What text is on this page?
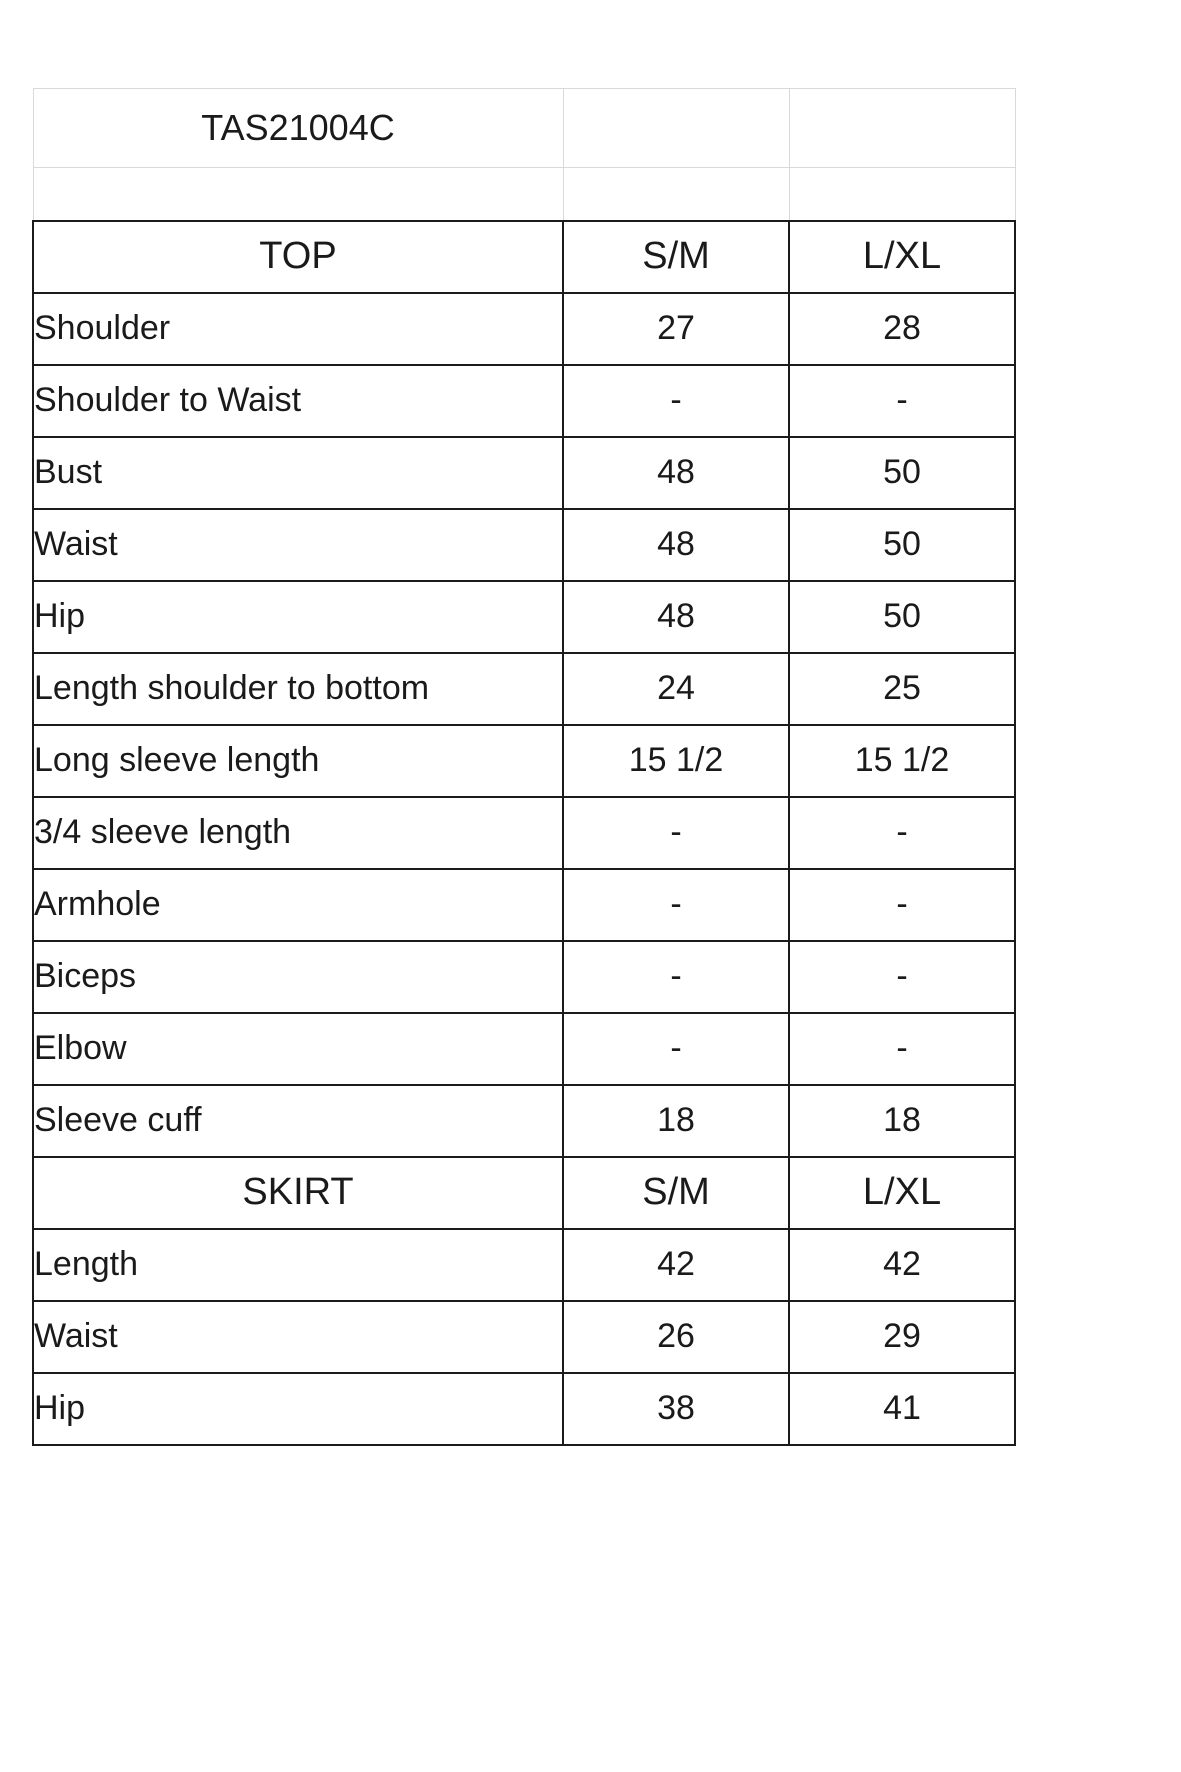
TAS21004C		

TOP	S/M	L/XL
Shoulder	27	28
Shoulder to Waist	-	-
Bust	48	50
Waist	48	50
Hip	48	50
Length shoulder to bottom	24	25
Long sleeve length	15 1/2	15 1/2
3/4 sleeve length	-	-
Armhole	-	-
Biceps	-	-
Elbow	-	-
Sleeve cuff	18	18
SKIRT	S/M	L/XL
Length	42	42
Waist	26	29
Hip	38	41
